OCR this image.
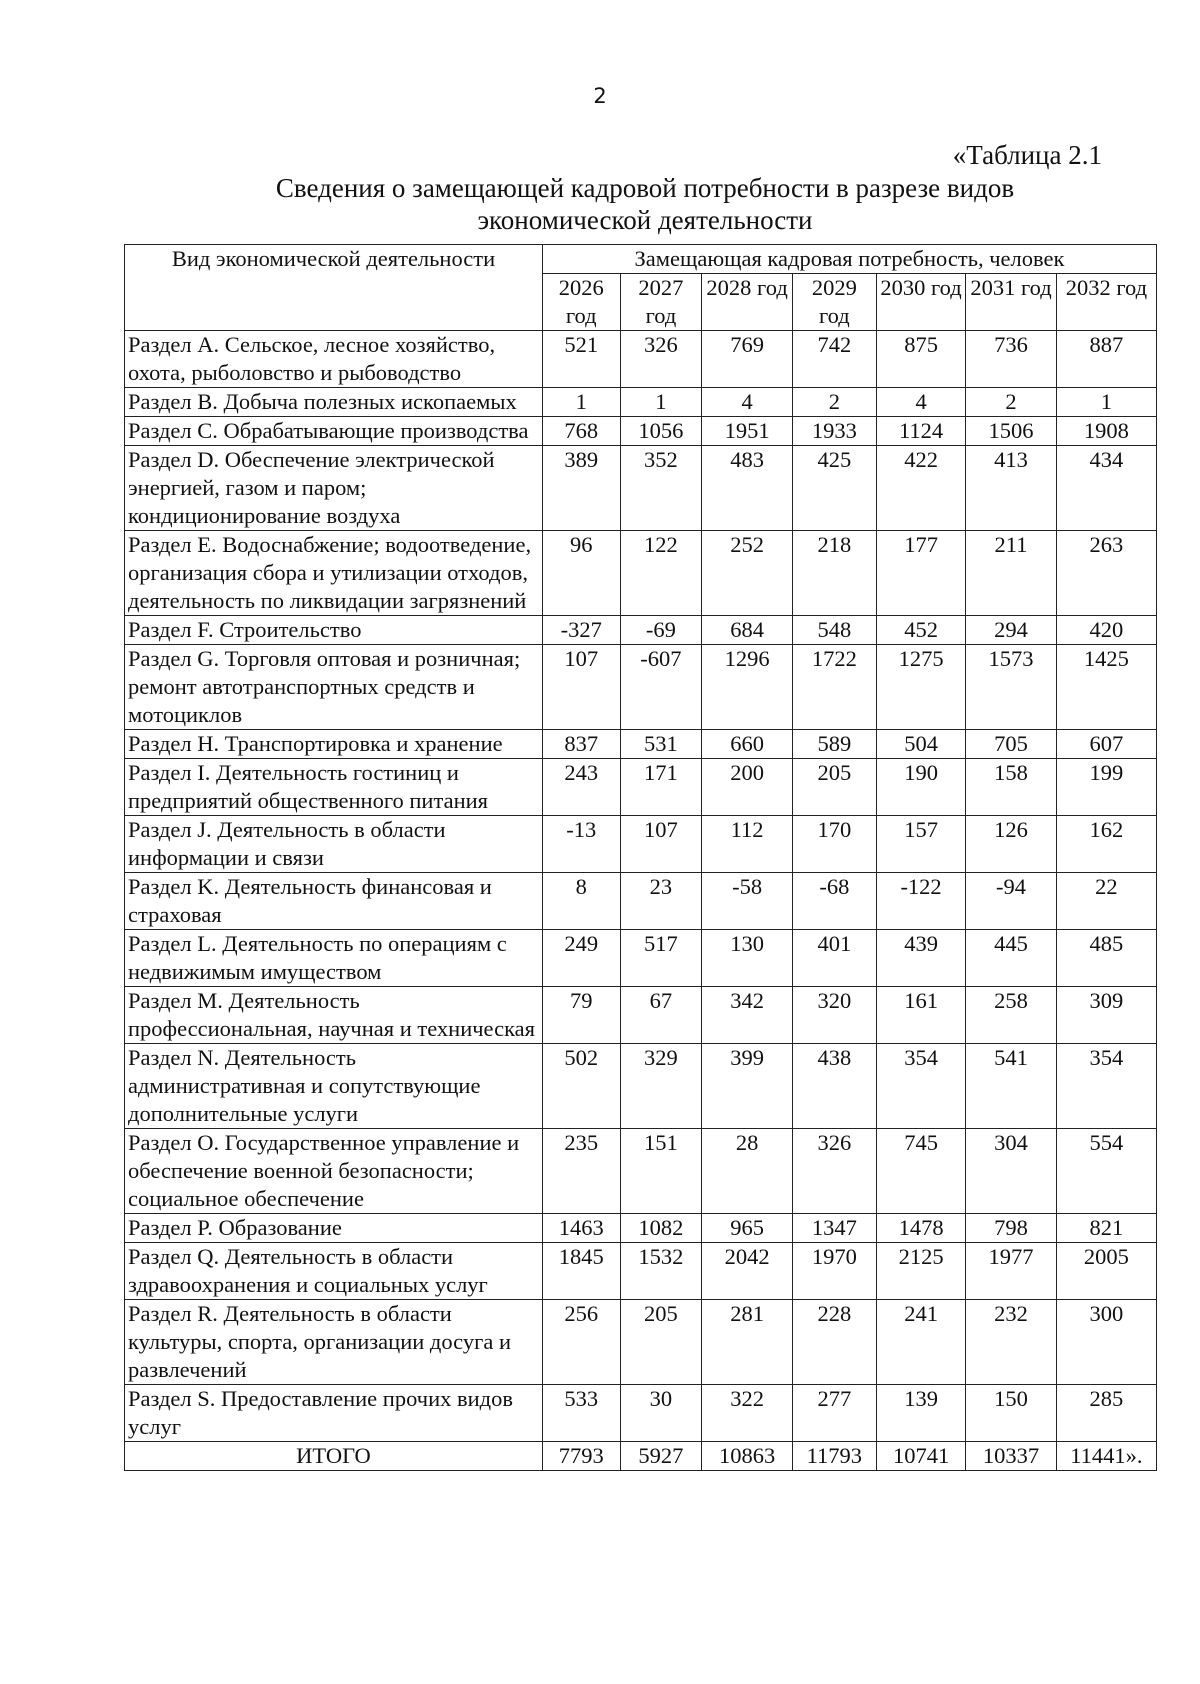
2
«Таблица 2.1
Сведения о замещающей кадровой потребности в разрезе видов экономической деятельности
Вид экономической деятельности	Замещающая кадровая потребность, человек						
	2026 год	2027 год	2028 год	2029 год	2030 год	2031 год	2032 год
Раздел A. Сельское, лесное хозяйство, охота, рыболовство и рыбоводство	521	326	769	742	875	736	887
Раздел B. Добыча полезных ископаемых	1	1	4	2	4	2	1
Раздел C. Обрабатывающие производства	768	1056	1951	1933	1124	1506	1908
Раздел D. Обеспечение электрической энергией, газом и паром; кондиционирование воздуха	389	352	483	425	422	413	434
Раздел E. Водоснабжение; водоотведение, организация сбора и утилизации отходов, деятельность по ликвидации загрязнений	96	122	252	218	177	211	263
Раздел F. Строительство	-327	-69	684	548	452	294	420
Раздел G. Торговля оптовая и розничная; ремонт автотранспортных средств и мотоциклов	107	-607	1296	1722	1275	1573	1425
Раздел H. Транспортировка и хранение	837	531	660	589	504	705	607
Раздел I. Деятельность гостиниц и предприятий общественного питания	243	171	200	205	190	158	199
Раздел J. Деятельность в области информации и связи	-13	107	112	170	157	126	162
Раздел K. Деятельность финансовая и страховая	8	23	-58	-68	-122	-94	22
Раздел L. Деятельность по операциям с недвижимым имуществом	249	517	130	401	439	445	485
Раздел M. Деятельность профессиональная, научная и техническая	79	67	342	320	161	258	309
Раздел N. Деятельность административная и сопутствующие дополнительные услуги	502	329	399	438	354	541	354
Раздел O. Государственное управление и обеспечение военной безопасности; социальное обеспечение	235	151	28	326	745	304	554
Раздел P. Образование	1463	1082	965	1347	1478	798	821
Раздел Q. Деятельность в области здравоохранения и социальных услуг	1845	1532	2042	1970	2125	1977	2005
Раздел R. Деятельность в области культуры, спорта, организации досуга и развлечений	256	205	281	228	241	232	300
Раздел S. Предоставление прочих видов услуг	533	30	322	277	139	150	285
ИТОГО	7793	5927	10863	11793	10741	10337	11441».
